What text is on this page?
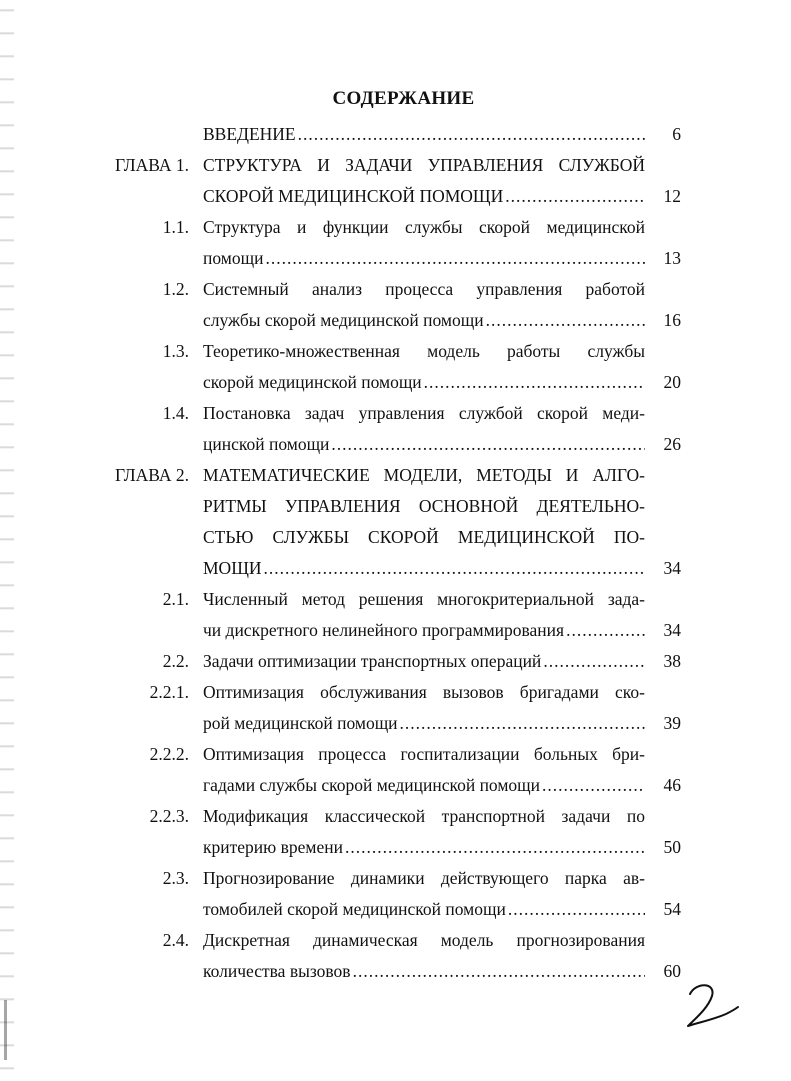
СОДЕРЖАНИЕ
ВВЕДЕНИЕ .....	6
ГЛАВА 1. СТРУКТУРА И ЗАДАЧИ УПРАВЛЕНИЯ СЛУЖБОЙ
СКОРОЙ МЕДИЦИНСКОЙ ПОМОЩИ .....	12
1.1. Структура и функции службы скорой медицинской
помощи .....	13
1.2. Системный анализ процесса управления работой
службы скорой медицинской помощи .....	16
1.3. Теоретико-множественная модель работы службы
скорой медицинской помощи .....	20
1.4. Постановка задач управления службой скорой меди-
цинской помощи .....	26
ГЛАВА 2. МАТЕМАТИЧЕСКИЕ МОДЕЛИ, МЕТОДЫ И АЛГО-
РИТМЫ УПРАВЛЕНИЯ ОСНОВНОЙ ДЕЯТЕЛЬНО-
СТЬЮ СЛУЖБЫ СКОРОЙ МЕДИЦИНСКОЙ ПО-
МОЩИ .....	34
2.1. Численный метод решения многокритериальной зада-
чи дискретного нелинейного программирования .....	34
2.2. Задачи оптимизации транспортных операций .....	38
2.2.1. Оптимизация обслуживания вызовов бригадами ско-
рой медицинской помощи .....	39
2.2.2. Оптимизация процесса госпитализации больных бри-
гадами службы скорой медицинской помощи .....	46
2.2.3. Модификация классической транспортной задачи по
критерию времени .....	50
2.3. Прогнозирование динамики действующего парка ав-
томобилей скорой медицинской помощи .....	54
2.4. Дискретная динамическая модель прогнозирования
количества вызовов .....	60
